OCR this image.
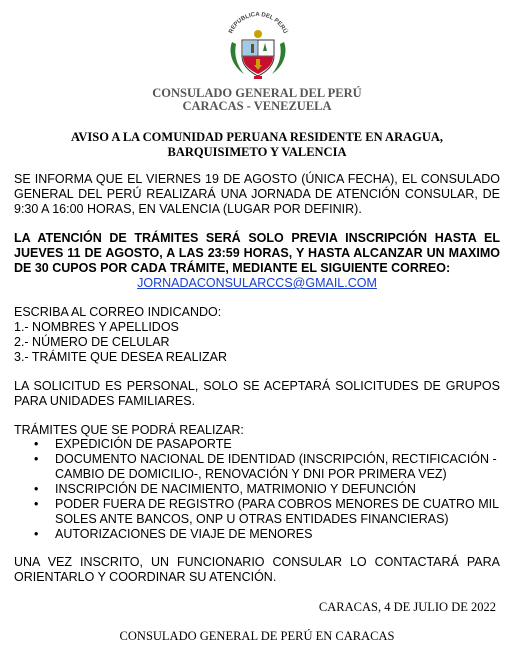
REPUBLICA DEL PERÚ
CONSULADO GENERAL DEL PERÚ
CARACAS - VENEZUELA
AVISO A LA COMUNIDAD PERUANA RESIDENTE EN ARAGUA,
BARQUISIMETO Y VALENCIA
SE INFORMA QUE EL VIERNES 19 DE AGOSTO (ÚNICA FECHA), EL CONSULADO GENERAL DEL PERÚ REALIZARÁ UNA JORNADA DE ATENCIÓN CONSULAR, DE 9:30 A 16:00 HORAS, EN VALENCIA (LUGAR POR DEFINIR).
LA ATENCIÓN DE TRÁMITES SERÁ SOLO PREVIA INSCRIPCIÓN HASTA EL JUEVES 11 DE AGOSTO, A LAS 23:59 HORAS, Y HASTA ALCANZAR UN MAXIMO DE 30 CUPOS POR CADA TRÁMITE, MEDIANTE EL SIGUIENTE CORREO:
JORNADACONSULARCCS@GMAIL.COM
ESCRIBA AL CORREO INDICANDO:
1.- NOMBRES Y APELLIDOS
2.- NÚMERO DE CELULAR
3.- TRÁMITE QUE DESEA REALIZAR
LA SOLICITUD ES PERSONAL, SOLO SE ACEPTARÁ SOLICITUDES DE GRUPOS PARA UNIDADES FAMILIARES.
TRÁMITES QUE SE PODRÁ REALIZAR:
• EXPEDICIÓN DE PASAPORTE
• DOCUMENTO NACIONAL DE IDENTIDAD (INSCRIPCIÓN, RECTIFICACIÓN -CAMBIO DE DOMICILIO-, RENOVACIÓN Y DNI POR PRIMERA VEZ)
• INSCRIPCIÓN DE NACIMIENTO, MATRIMONIO Y DEFUNCIÓN
• PODER FUERA DE REGISTRO (PARA COBROS MENORES DE CUATRO MIL SOLES ANTE BANCOS, ONP U OTRAS ENTIDADES FINANCIERAS)
• AUTORIZACIONES DE VIAJE DE MENORES
UNA VEZ INSCRITO, UN FUNCIONARIO CONSULAR LO CONTACTARÁ PARA ORIENTARLO Y COORDINAR SU ATENCIÓN.
CARACAS, 4 DE JULIO DE 2022
CONSULADO GENERAL DE PERÚ EN CARACAS
